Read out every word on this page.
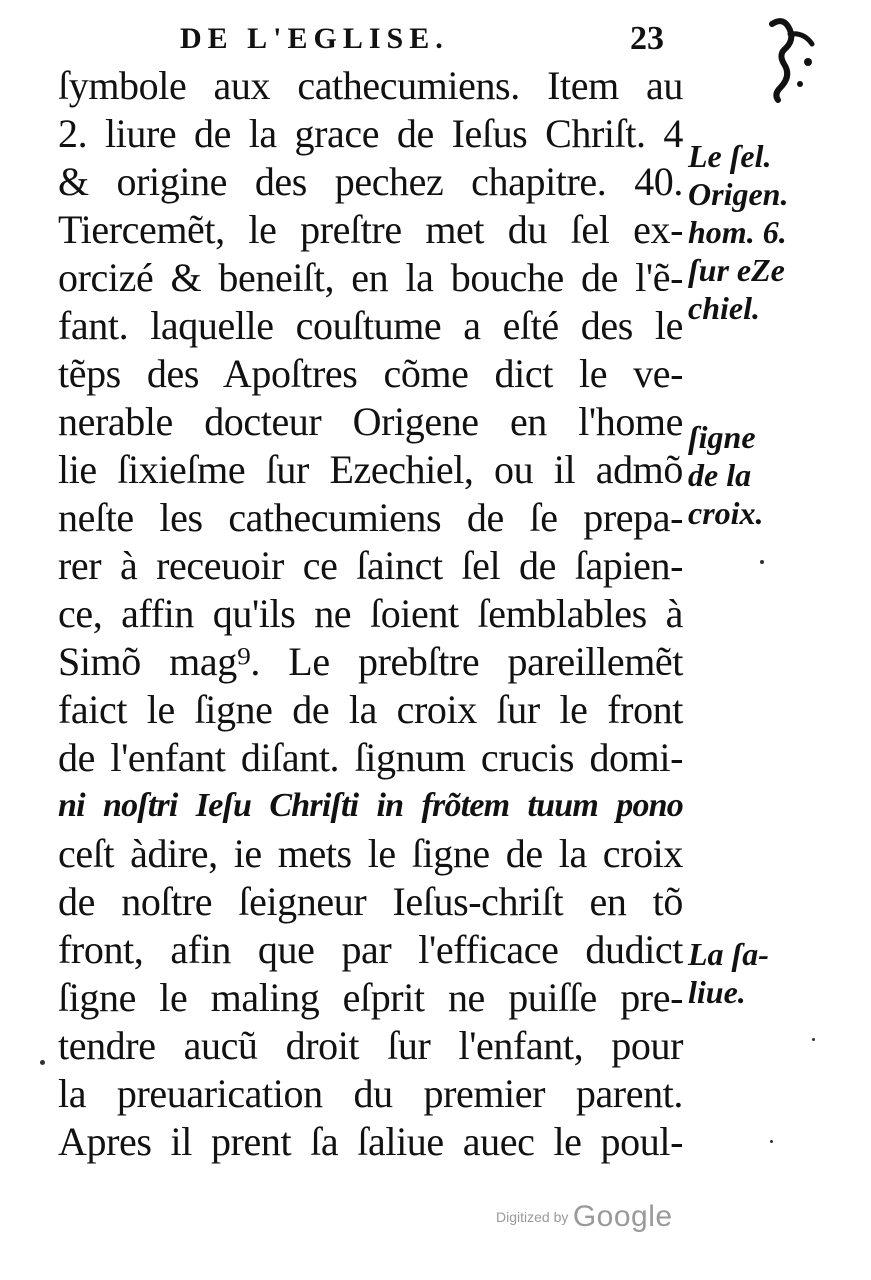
DE L'EGLISE.	23
ſymbole aux cathecumiens. Item au
2. liure de la grace de Ieſus Chriſt. 4
& origine des pechez chapitre. 40.
Tiercemẽt, le preſtre met du ſel ex-
orcizé & beneiſt, en la bouche de l'ẽ-
fant. laquelle couſtume a eſté des le
tẽps des Apoſtres cõme dict le ve-
nerable docteur Origene en l'home
lie ſixieſme ſur Ezechiel, ou il admõ
neſte les cathecumiens de ſe prepa-
rer à receuoir ce ſainct ſel de ſapien-
ce, affin qu'ils ne ſoient ſemblables à
Simõ mag⁹. Le prebſtre pareillemẽt
faict le ſigne de la croix ſur le front
de l'enfant diſant. ſignum crucis domi-
ni noſtri Ieſu Chriſti in frõtem tuum pono
ceſt àdire, ie mets le ſigne de la croix
de noſtre ſeigneur Ieſus-chriſt en tõ
front, afin que par l'efficace dudict
ſigne le maling eſprit ne puiſſe pre-
tendre aucũ droit ſur l'enfant, pour
la preuarication du premier parent.
Apres il prent ſa ſaliue auec le poul-
Le ſel.
Origen.
hom. 6.
ſur eZe
chiel.
ſigne
de la
croix.
La ſa-
liue.
Digitized by Google
